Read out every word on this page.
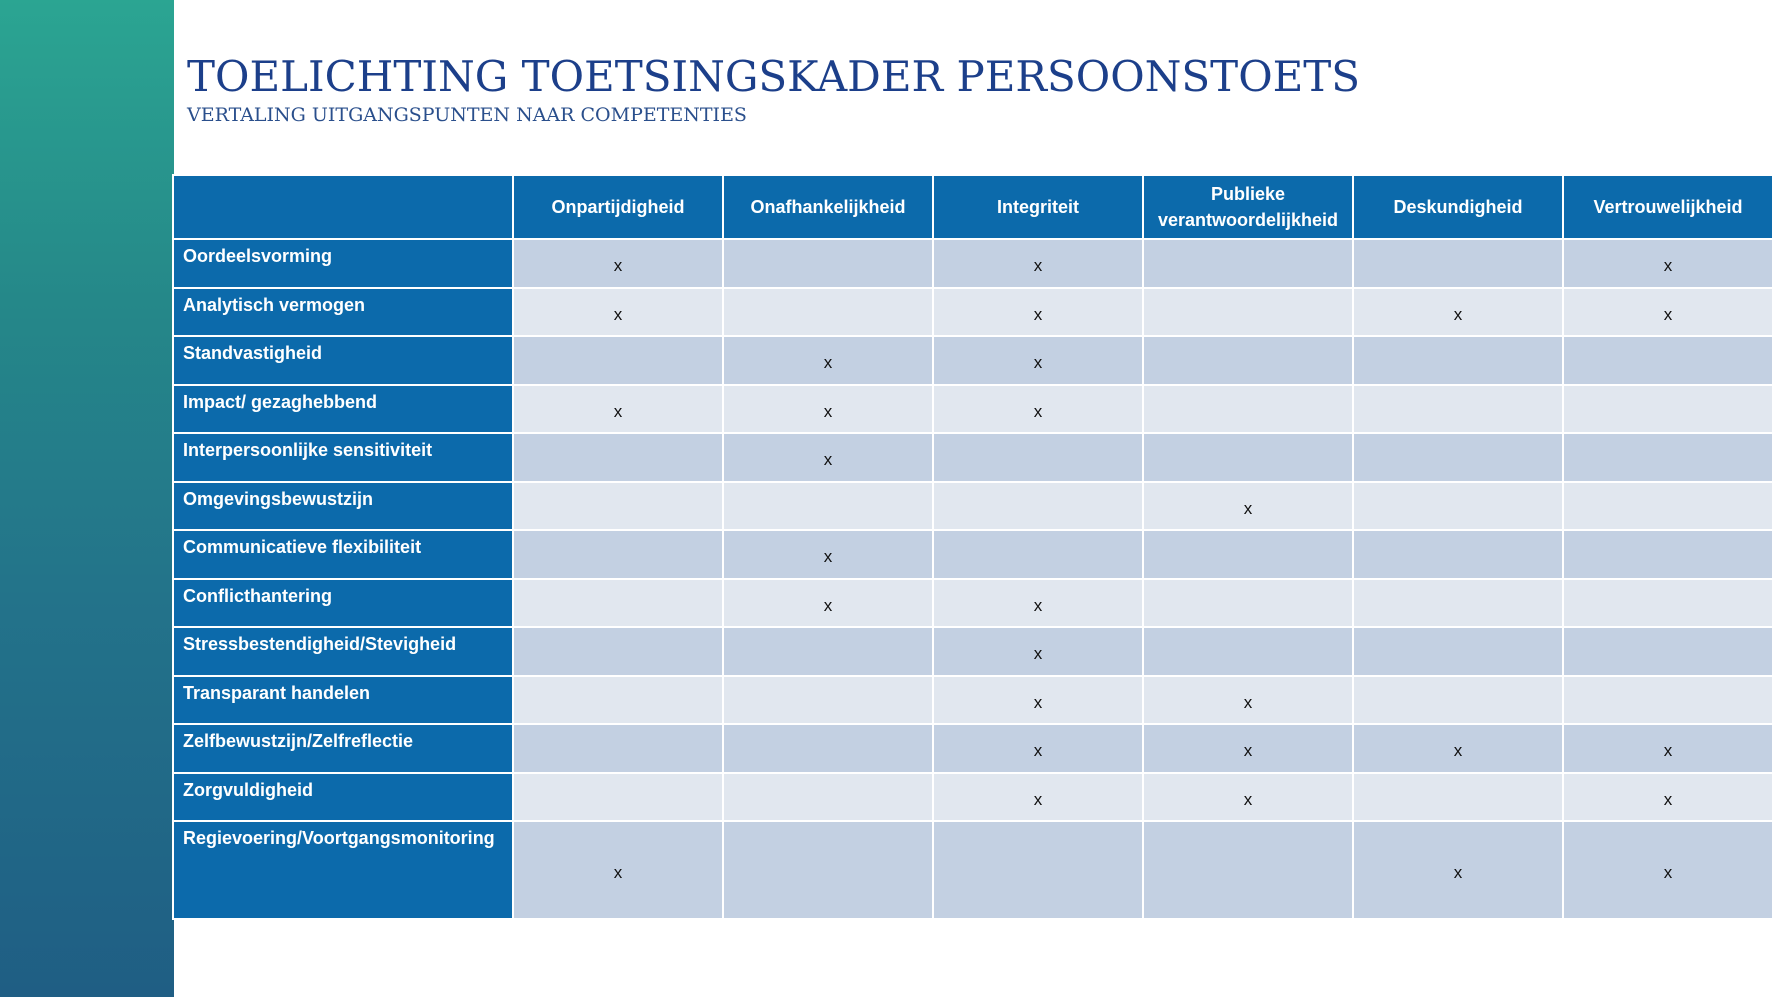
TOELICHTING TOETSINGSKADER PERSOONSTOETS
VERTALING UITGANGSPUNTEN NAAR COMPETENTIES
	Onpartijdigheid	Onafhankelijkheid	Integriteit	Publieke verantwoordelijkheid	Deskundigheid	Vertrouwelijkheid
Oordeelsvorming	x		x			x
Analytisch vermogen	x		x		x	x
Standvastigheid		x	x			
Impact/ gezaghebbend	x	x	x			
Interpersoonlijke sensitiviteit		x				
Omgevingsbewustzijn				x		
Communicatieve flexibiliteit		x				
Conflicthantering		x	x			
Stressbestendigheid/Stevigheid			x			
Transparant handelen			x	x		
Zelfbewustzijn/Zelfreflectie			x	x	x	x
Zorgvuldigheid			x	x		x
Regievoering/Voortgangsmonitoring	x				x	x
